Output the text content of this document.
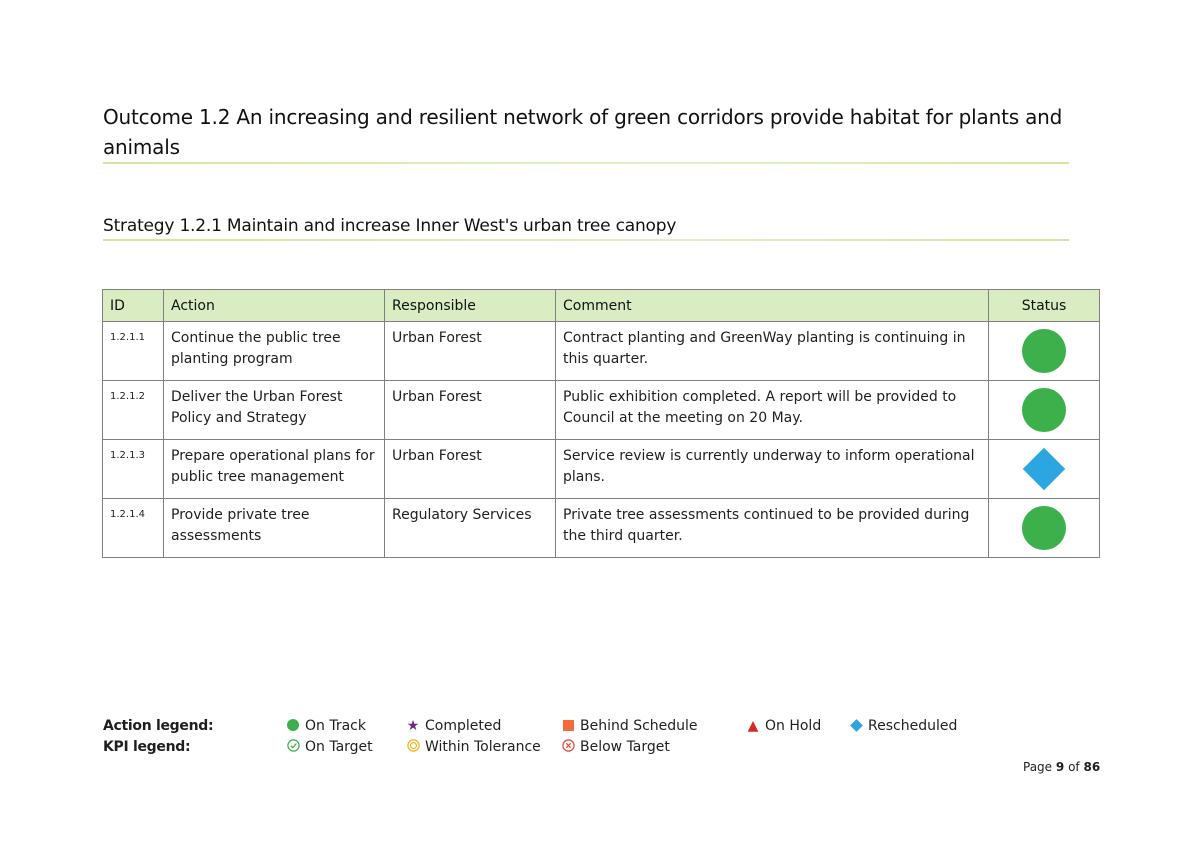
Outcome 1.2 An increasing and resilient network of green corridors provide habitat for plants and animals
Strategy 1.2.1 Maintain and increase Inner West's urban tree canopy
ID	Action	Responsible	Comment	Status
1.2.1.1	Continue the public tree planting program	Urban Forest	Contract planting and GreenWay planting is continuing in this quarter.	
1.2.1.2	Deliver the Urban Forest Policy and Strategy	Urban Forest	Public exhibition completed. A report will be provided to Council at the meeting on 20 May.	
1.2.1.3	Prepare operational plans for public tree management	Urban Forest	Service review is currently underway to inform operational plans.	
1.2.1.4	Provide private tree assessments	Regulatory Services	Private tree assessments continued to be provided during the third quarter.	
Action legend:	On Track	★ Completed	Behind Schedule	▲ On Hold	Rescheduled
KPI legend:	On Target	Within Tolerance	Below Target
Page 9 of 86
